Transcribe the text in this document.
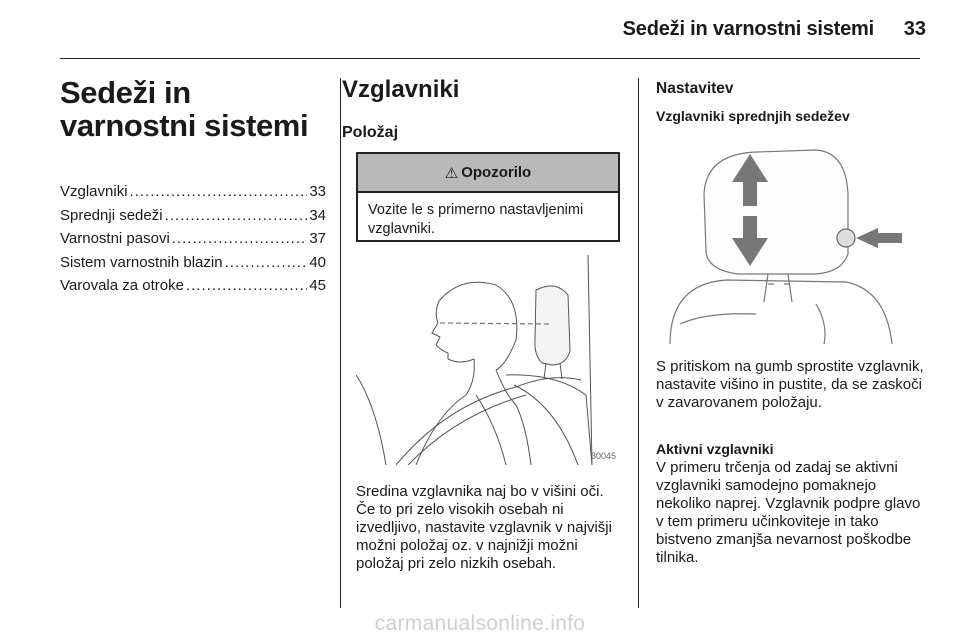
Sedeži in varnostni sistemi 33
Sedeži in varnostni sistemi
Vzglavniki .....	33
Sprednji sedeži .....	34
Varnostni pasovi .....	37
Sistem varnostnih blazin .....	40
Varovala za otroke .....	45
Vzglavniki
Položaj
⚠ Opozorilo
Vozite le s primerno nastavljenimi vzglavniki.
30045
Sredina vzglavnika naj bo v višini oči. Če to pri zelo visokih osebah ni izvedljivo, nastavite vzglavnik v najvišji možni položaj oz. v najnižji možni položaj pri zelo nizkih osebah.
Nastavitev
Vzglavniki sprednjih sedežev
S pritiskom na gumb sprostite vzglavnik, nastavite višino in pustite, da se zaskoči v zavarovanem položaju.
Aktivni vzglavniki
V primeru trčenja od zadaj se aktivni vzglavniki samodejno pomaknejo nekoliko naprej. Vzglavnik podpre glavo v tem primeru učinkoviteje in tako bistveno zmanjša nevarnost poškodbe tilnika.
carmanualsonline.info
